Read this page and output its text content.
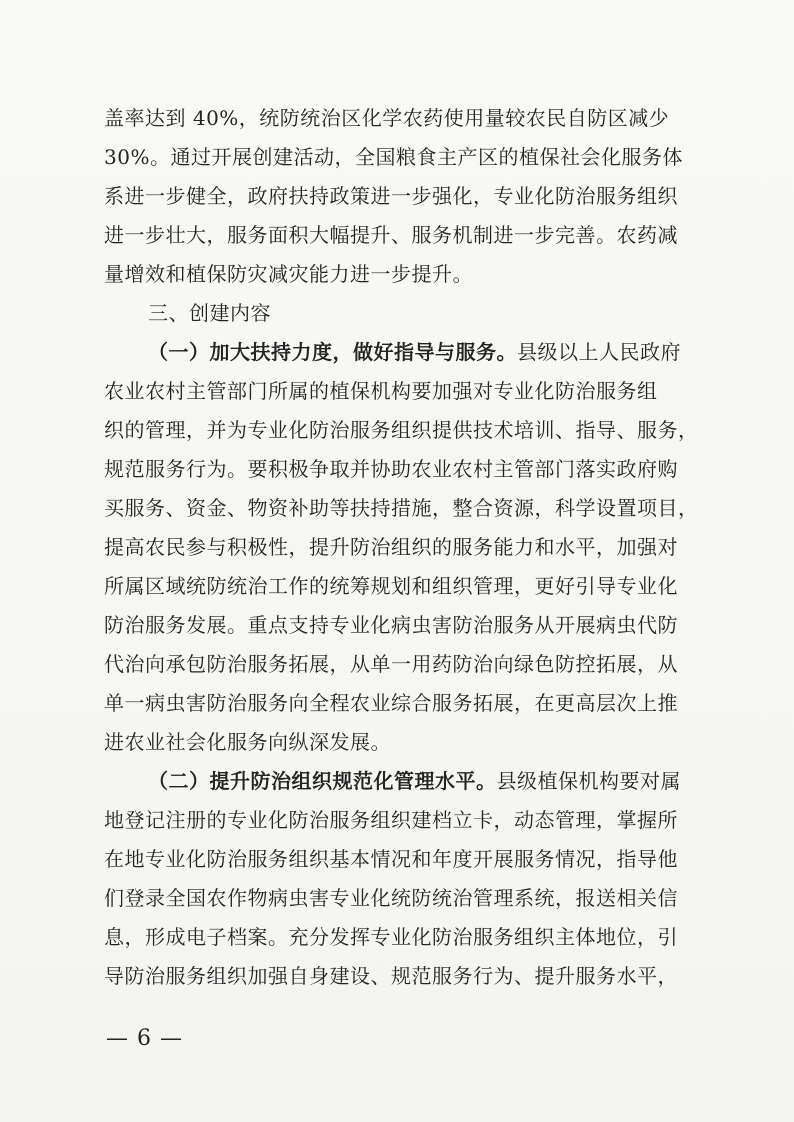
盖率达到 40%，统防统治区化学农药使用量较农民自防区减少
30%。通过开展创建活动，全国粮食主产区的植保社会化服务体
系进一步健全，政府扶持政策进一步强化，专业化防治服务组织
进一步壮大，服务面积大幅提升、服务机制进一步完善。农药减
量增效和植保防灾减灾能力进一步提升。
三、创建内容
（一）加大扶持力度，做好指导与服务。县级以上人民政府
农业农村主管部门所属的植保机构要加强对专业化防治服务组
织的管理，并为专业化防治服务组织提供技术培训、指导、服务，
规范服务行为。要积极争取并协助农业农村主管部门落实政府购
买服务、资金、物资补助等扶持措施，整合资源，科学设置项目，
提高农民参与积极性，提升防治组织的服务能力和水平，加强对
所属区域统防统治工作的统筹规划和组织管理，更好引导专业化
防治服务发展。重点支持专业化病虫害防治服务从开展病虫代防
代治向承包防治服务拓展，从单一用药防治向绿色防控拓展，从
单一病虫害防治服务向全程农业综合服务拓展，在更高层次上推
进农业社会化服务向纵深发展。
（二）提升防治组织规范化管理水平。县级植保机构要对属
地登记注册的专业化防治服务组织建档立卡，动态管理，掌握所
在地专业化防治服务组织基本情况和年度开展服务情况，指导他
们登录全国农作物病虫害专业化统防统治管理系统，报送相关信
息，形成电子档案。充分发挥专业化防治服务组织主体地位，引
导防治服务组织加强自身建设、规范服务行为、提升服务水平，
— 6 —
